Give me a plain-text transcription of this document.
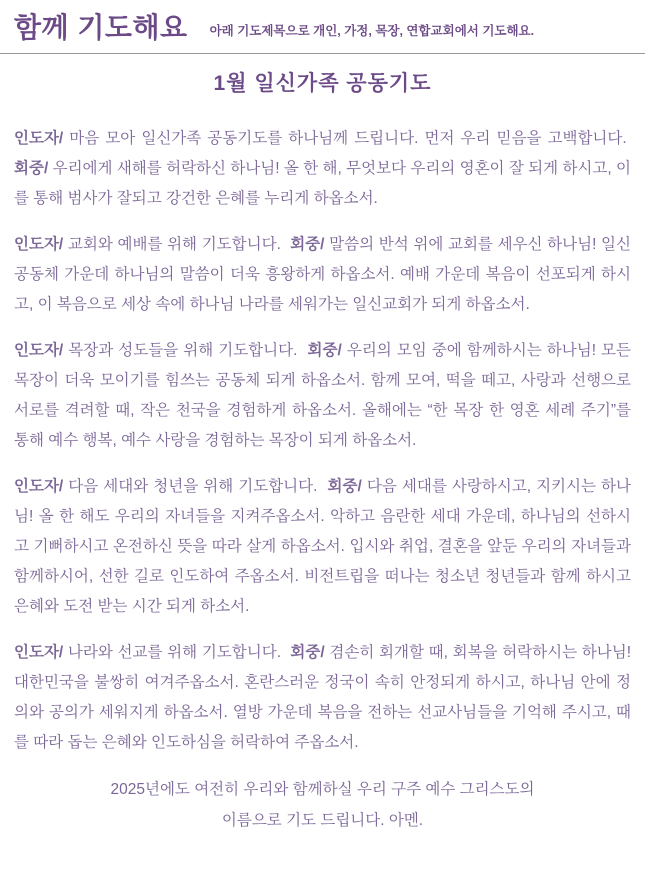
함께 기도해요 아래 기도제목으로 개인, 가정, 목장, 연합교회에서 기도해요.
1월 일신가족 공동기도

인도자/ 마음 모아 일신가족 공동기도를 하나님께 드립니다. 먼저 우리 믿음을 고백합니다.  회중/ 우리에게 새해를 허락하신 하나님! 올 한 해, 무엇보다 우리의 영혼이 잘 되게 하시고, 이를 통해 범사가 잘되고 강건한 은혜를 누리게 하옵소서.

인도자/ 교회와 예배를 위해 기도합니다.  회중/ 말씀의 반석 위에 교회를 세우신 하나님! 일신 공동체 가운데 하나님의 말씀이 더욱 흥왕하게 하옵소서. 예배 가운데 복음이 선포되게 하시고, 이 복음으로 세상 속에 하나님 나라를 세워가는 일신교회가 되게 하옵소서.

인도자/ 목장과 성도들을 위해 기도합니다.  회중/ 우리의 모임 중에 함께하시는 하나님! 모든 목장이 더욱 모이기를 힘쓰는 공동체 되게 하옵소서. 함께 모여, 떡을 떼고, 사랑과 선행으로 서로를 격려할 때, 작은 천국을 경험하게 하옵소서. 올해에는 “한 목장 한 영혼 세례 주기”를 통해 예수 행복, 예수 사랑을 경험하는 목장이 되게 하옵소서.

인도자/ 다음 세대와 청년을 위해 기도합니다.  회중/ 다음 세대를 사랑하시고, 지키시는 하나님! 올 한 해도 우리의 자녀들을 지켜주옵소서. 악하고 음란한 세대 가운데, 하나님의 선하시고 기뻐하시고 온전하신 뜻을 따라 살게 하옵소서. 입시와 취업, 결혼을 앞둔 우리의 자녀들과 함께하시어, 선한 길로 인도하여 주옵소서. 비전트립을 떠나는 청소년 청년들과 함께 하시고 은혜와 도전 받는 시간 되게 하소서.

인도자/ 나라와 선교를 위해 기도합니다.  회중/ 겸손히 회개할 때, 회복을 허락하시는 하나님! 대한민국을 불쌍히 여겨주옵소서. 혼란스러운 정국이 속히 안정되게 하시고, 하나님 안에 정의와 공의가 세워지게 하옵소서. 열방 가운데 복음을 전하는 선교사님들을 기억해 주시고, 때를 따라 돕는 은혜와 인도하심을 허락하여 주옵소서.

2025년에도 여전히 우리와 함께하실 우리 구주 예수 그리스도의
이름으로 기도 드립니다. 아멘.
